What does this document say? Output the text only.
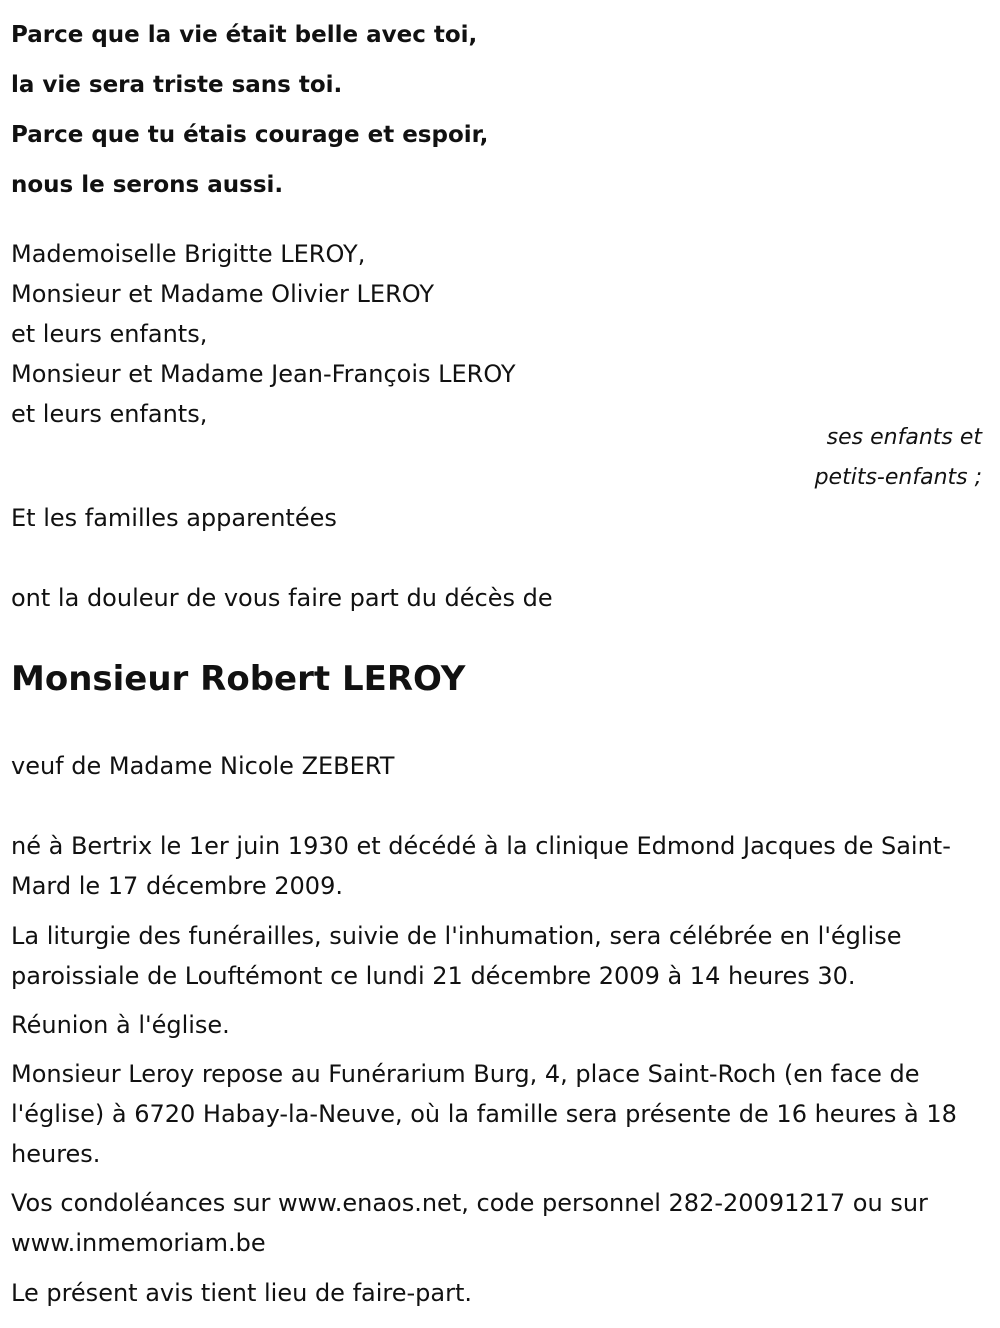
Parce que la vie était belle avec toi,
la vie sera triste sans toi.
Parce que tu étais courage et espoir,
nous le serons aussi.
Mademoiselle Brigitte LEROY,
Monsieur et Madame Olivier LEROY
et leurs enfants,
Monsieur et Madame Jean-François LEROY
et leurs enfants,
ses enfants et
petits-enfants ;
Et les familles apparentées
ont la douleur de vous faire part du décès de
Monsieur Robert LEROY
veuf de Madame Nicole ZEBERT

né à Bertrix le 1er juin 1930 et décédé à la clinique Edmond Jacques de Saint-Mard le 17 décembre 2009.

La liturgie des funérailles, suivie de l'inhumation, sera célébrée en l'église paroissiale de Louftémont ce lundi 21 décembre 2009 à 14 heures 30.

Réunion à l'église.

Monsieur Leroy repose au Funérarium Burg, 4, place Saint-Roch (en face de l'église) à 6720 Habay-la-Neuve, où la famille sera présente de 16 heures à 18 heures.

Vos condoléances sur www.enaos.net, code personnel 282-20091217 ou sur www.inmemoriam.be

Le présent avis tient lieu de faire-part.
